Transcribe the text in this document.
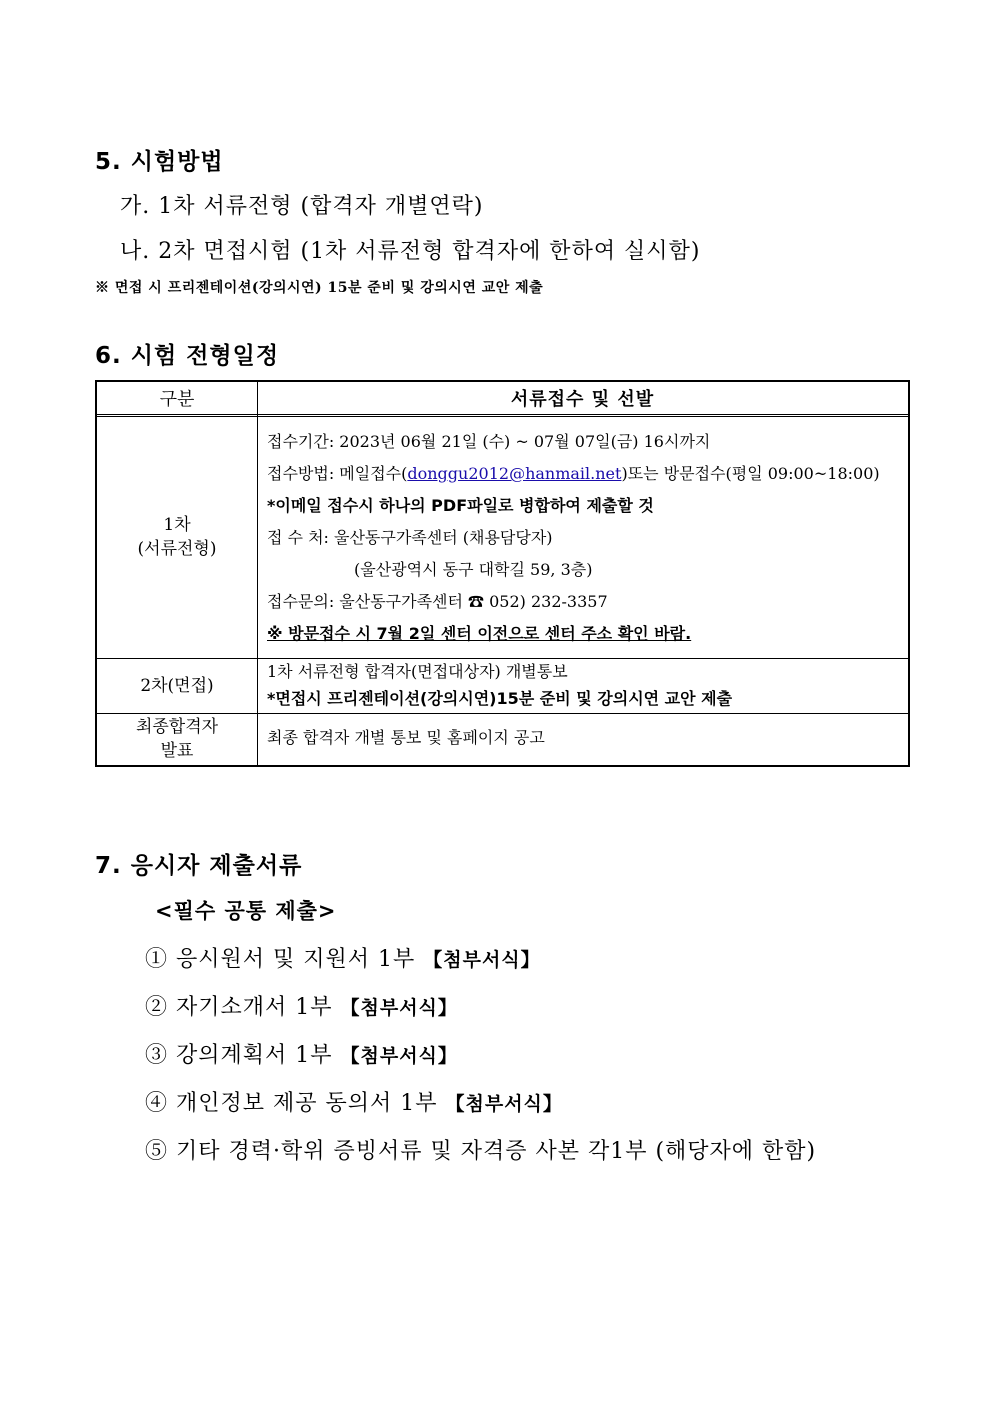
5. 시험방법
가. 1차 서류전형 (합격자 개별연락)
나. 2차 면접시험 (1차 서류전형 합격자에 한하여 실시함)
※ 면접 시 프리젠테이션(강의시연) 15분 준비 및 강의시연 교안 제출
6. 시험 전형일정
구분	서류접수 및 선발
1차
(서류전형)
접수기간: 2023년 06월 21일 (수) ~ 07월 07일(금) 16시까지
접수방법: 메일접수(donggu2012@hanmail.net)또는 방문접수(평일 09:00~18:00)
*이메일 접수시 하나의 PDF파일로 병합하여 제출할 것
접 수 처: 울산동구가족센터 (채용담당자)
(울산광역시 동구 대학길 59, 3층)
접수문의: 울산동구가족센터 ☎ 052) 232-3357
※ 방문접수 시 7월 2일 센터 이전으로 센터 주소 확인 바람.
2차(면접)
1차 서류전형 합격자(면접대상자) 개별통보
*면접시 프리젠테이션(강의시연)15분 준비 및 강의시연 교안 제출
최종합격자
발표
최종 합격자 개별 통보 및 홈페이지 공고
7. 응시자 제출서류
<필수 공통 제출>
① 응시원서 및 지원서 1부 【첨부서식】
② 자기소개서 1부 【첨부서식】
③ 강의계획서 1부 【첨부서식】
④ 개인정보 제공 동의서 1부 【첨부서식】
⑤ 기타 경력·학위 증빙서류 및 자격증 사본 각1부 (해당자에 한함)
